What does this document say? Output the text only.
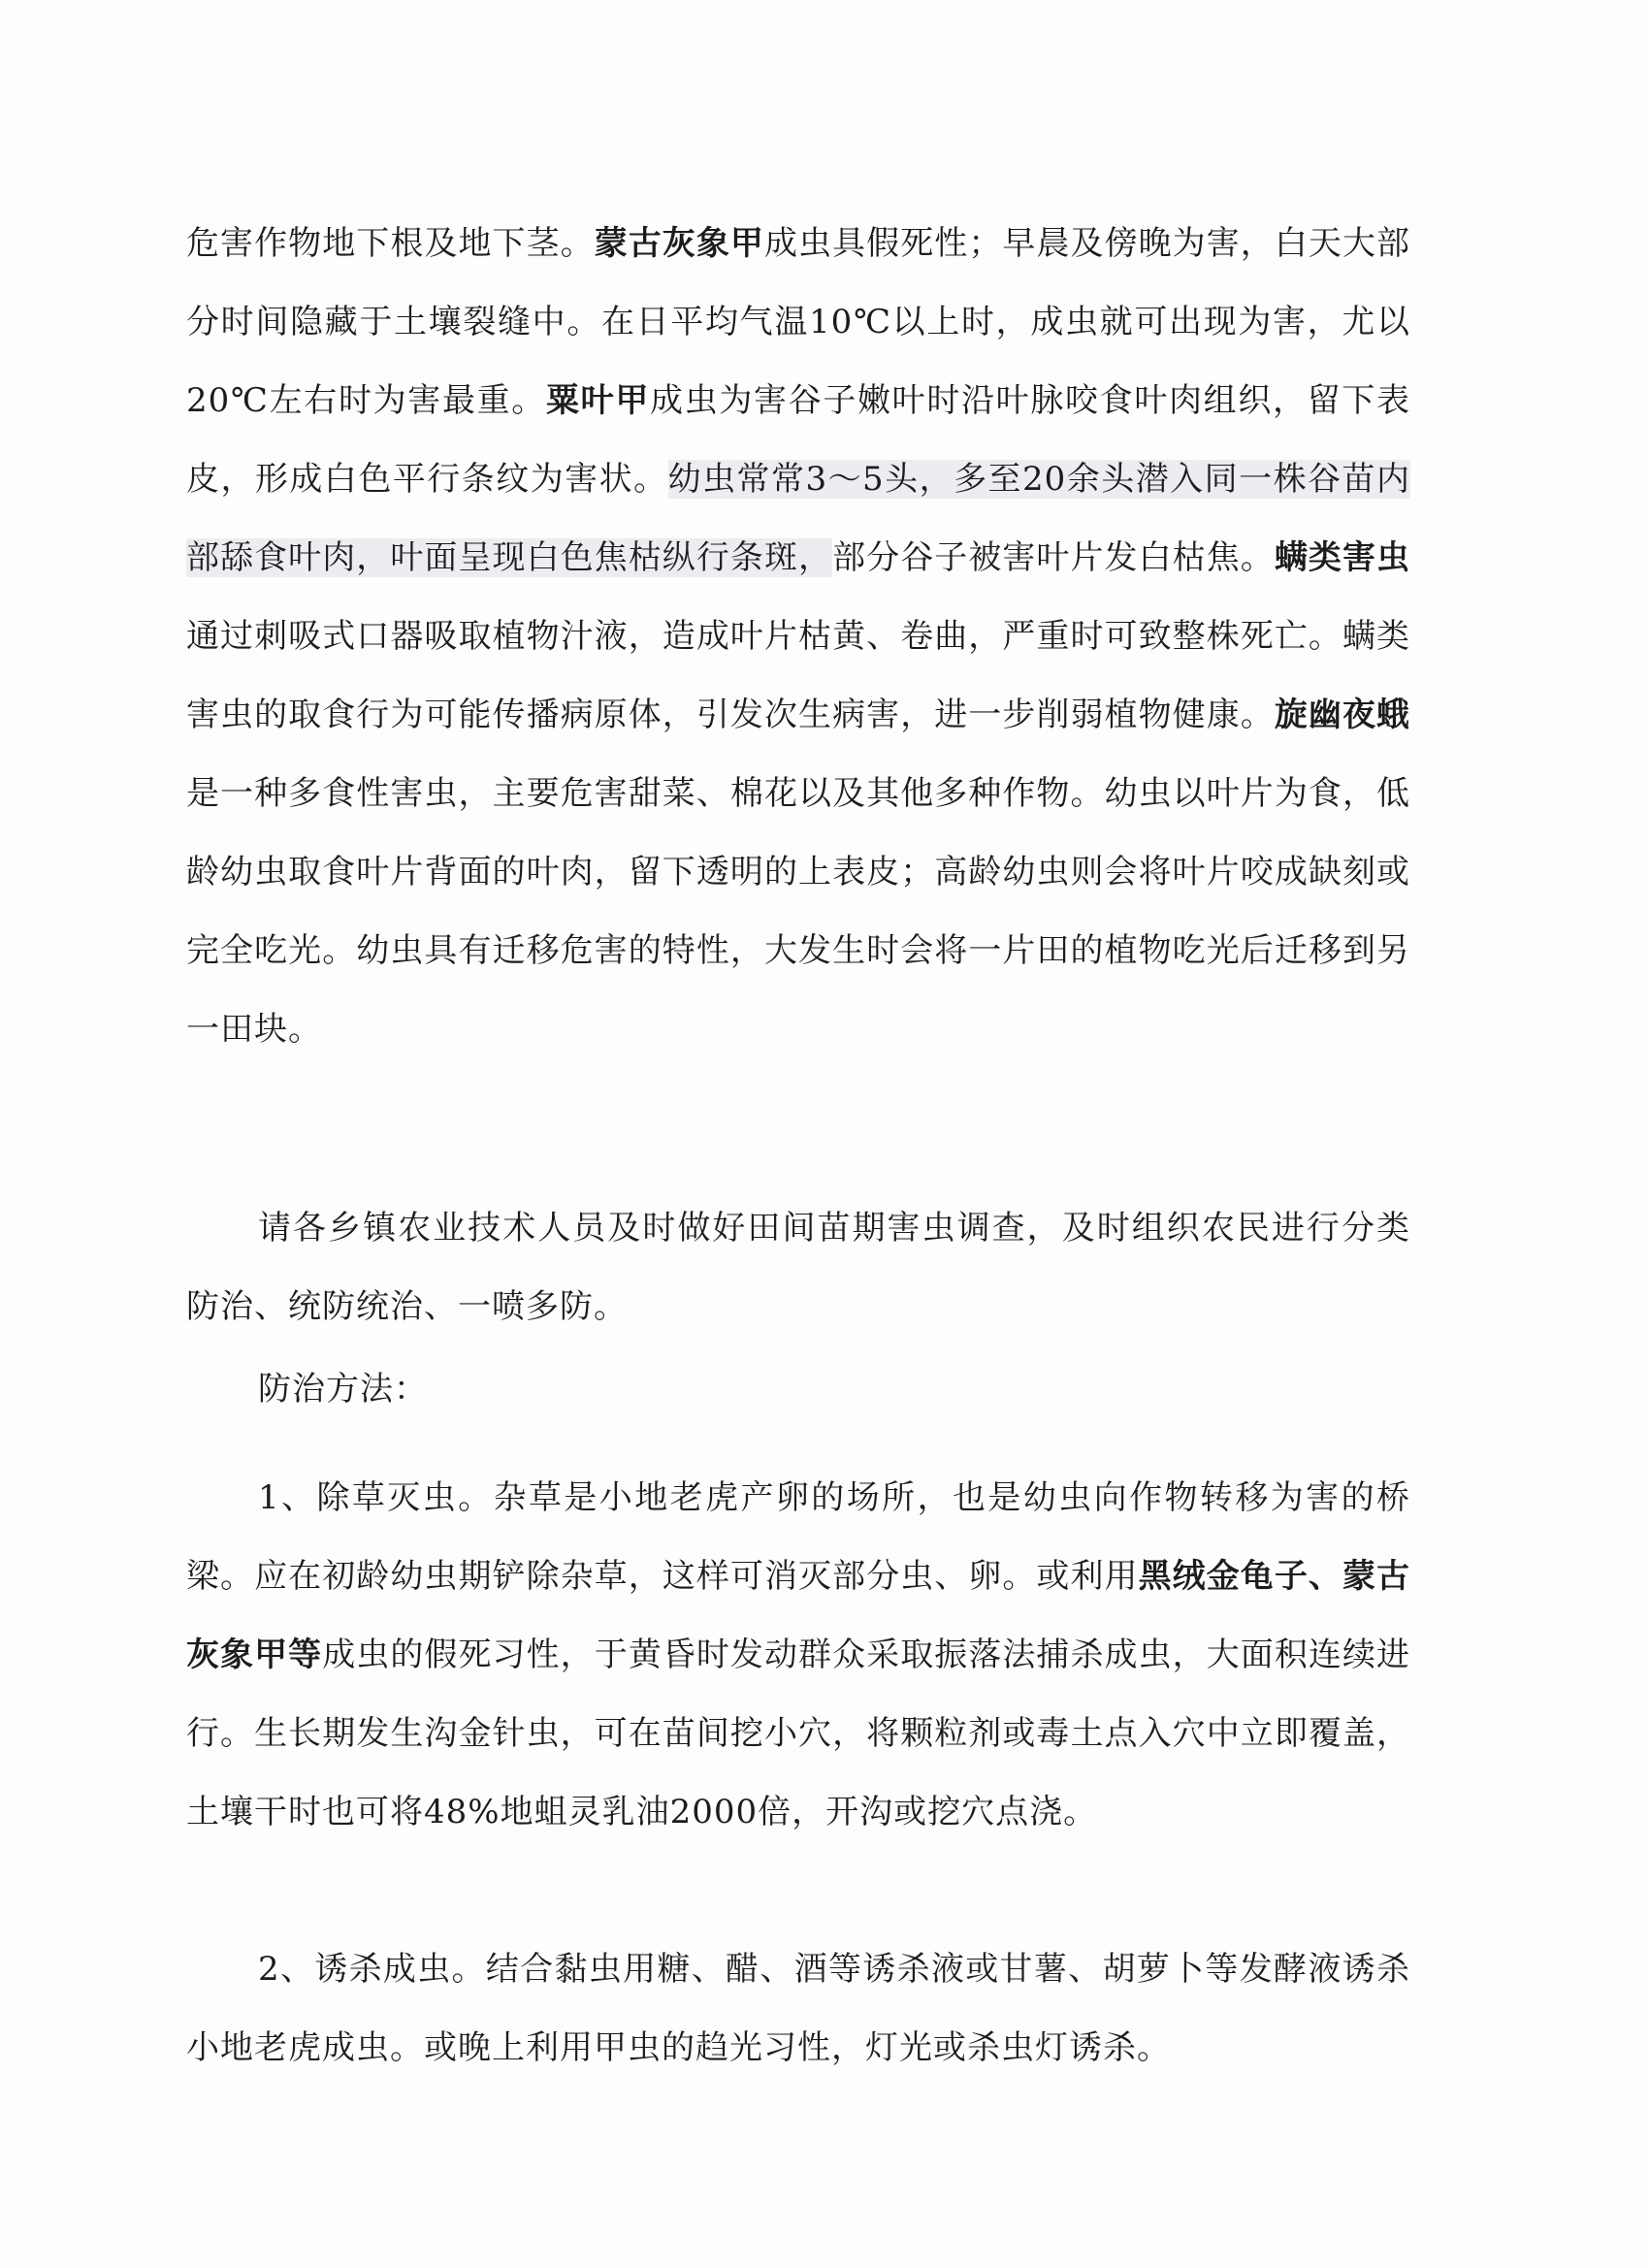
危害作物地下根及地下茎。蒙古灰象甲成虫具假死性；早晨及傍晚为害，白天大部分时间隐藏于土壤裂缝中。在日平均气温10℃以上时，成虫就可出现为害，尤以20℃左右时为害最重。粟叶甲成虫为害谷子嫩叶时沿叶脉咬食叶肉组织，留下表皮，形成白色平行条纹为害状。幼虫常常3～5头，多至20余头潜入同一株谷苗内部舔食叶肉，叶面呈现白色焦枯纵行条斑，部分谷子被害叶片发白枯焦。螨类害虫通过刺吸式口器吸取植物汁液，造成叶片枯黄、卷曲，严重时可致整株死亡。螨类害虫的取食行为可能传播病原体，引发次生病害，进一步削弱植物健康。旋幽夜蛾是一种多食性害虫，主要危害甜菜、棉花以及其他多种作物。幼虫以叶片为食，低龄幼虫取食叶片背面的叶肉，留下透明的上表皮；高龄幼虫则会将叶片咬成缺刻或完全吃光。幼虫具有迁移危害的特性，大发生时会将一片田的植物吃光后迁移到另一田块。

请各乡镇农业技术人员及时做好田间苗期害虫调查，及时组织农民进行分类防治、统防统治、一喷多防。

防治方法：

1、除草灭虫。杂草是小地老虎产卵的场所，也是幼虫向作物转移为害的桥梁。应在初龄幼虫期铲除杂草，这样可消灭部分虫、卵。或利用黑绒金龟子、蒙古灰象甲等成虫的假死习性，于黄昏时发动群众采取振落法捕杀成虫，大面积连续进行。生长期发生沟金针虫，可在苗间挖小穴，将颗粒剂或毒土点入穴中立即覆盖，土壤干时也可将48%地蛆灵乳油2000倍，开沟或挖穴点浇。

2、诱杀成虫。结合黏虫用糖、醋、酒等诱杀液或甘薯、胡萝卜等发酵液诱杀小地老虎成虫。或晚上利用甲虫的趋光习性，灯光或杀虫灯诱杀。
